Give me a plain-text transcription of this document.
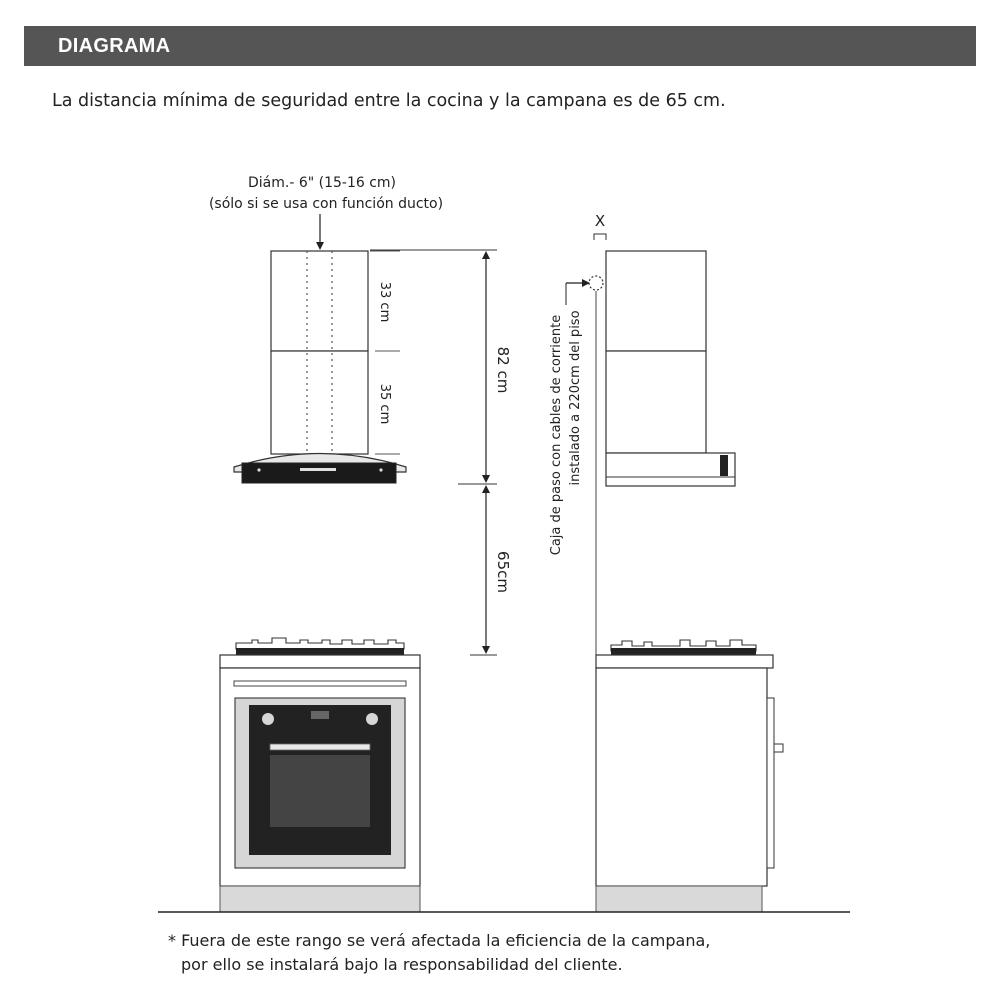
DIAGRAMA
La distancia mínima de seguridad entre la cocina y la campana es de 65 cm.
Diám.- 6" (15-16 cm)
(sólo si se usa con función ducto)
33 cm
35 cm
82 cm
65cm
X
Caja de paso con cables de corriente instalado a 220cm del piso
* Fuera de este rango se verá afectada la eficiencia de la campana,
por ello se instalará bajo la responsabilidad del cliente.
